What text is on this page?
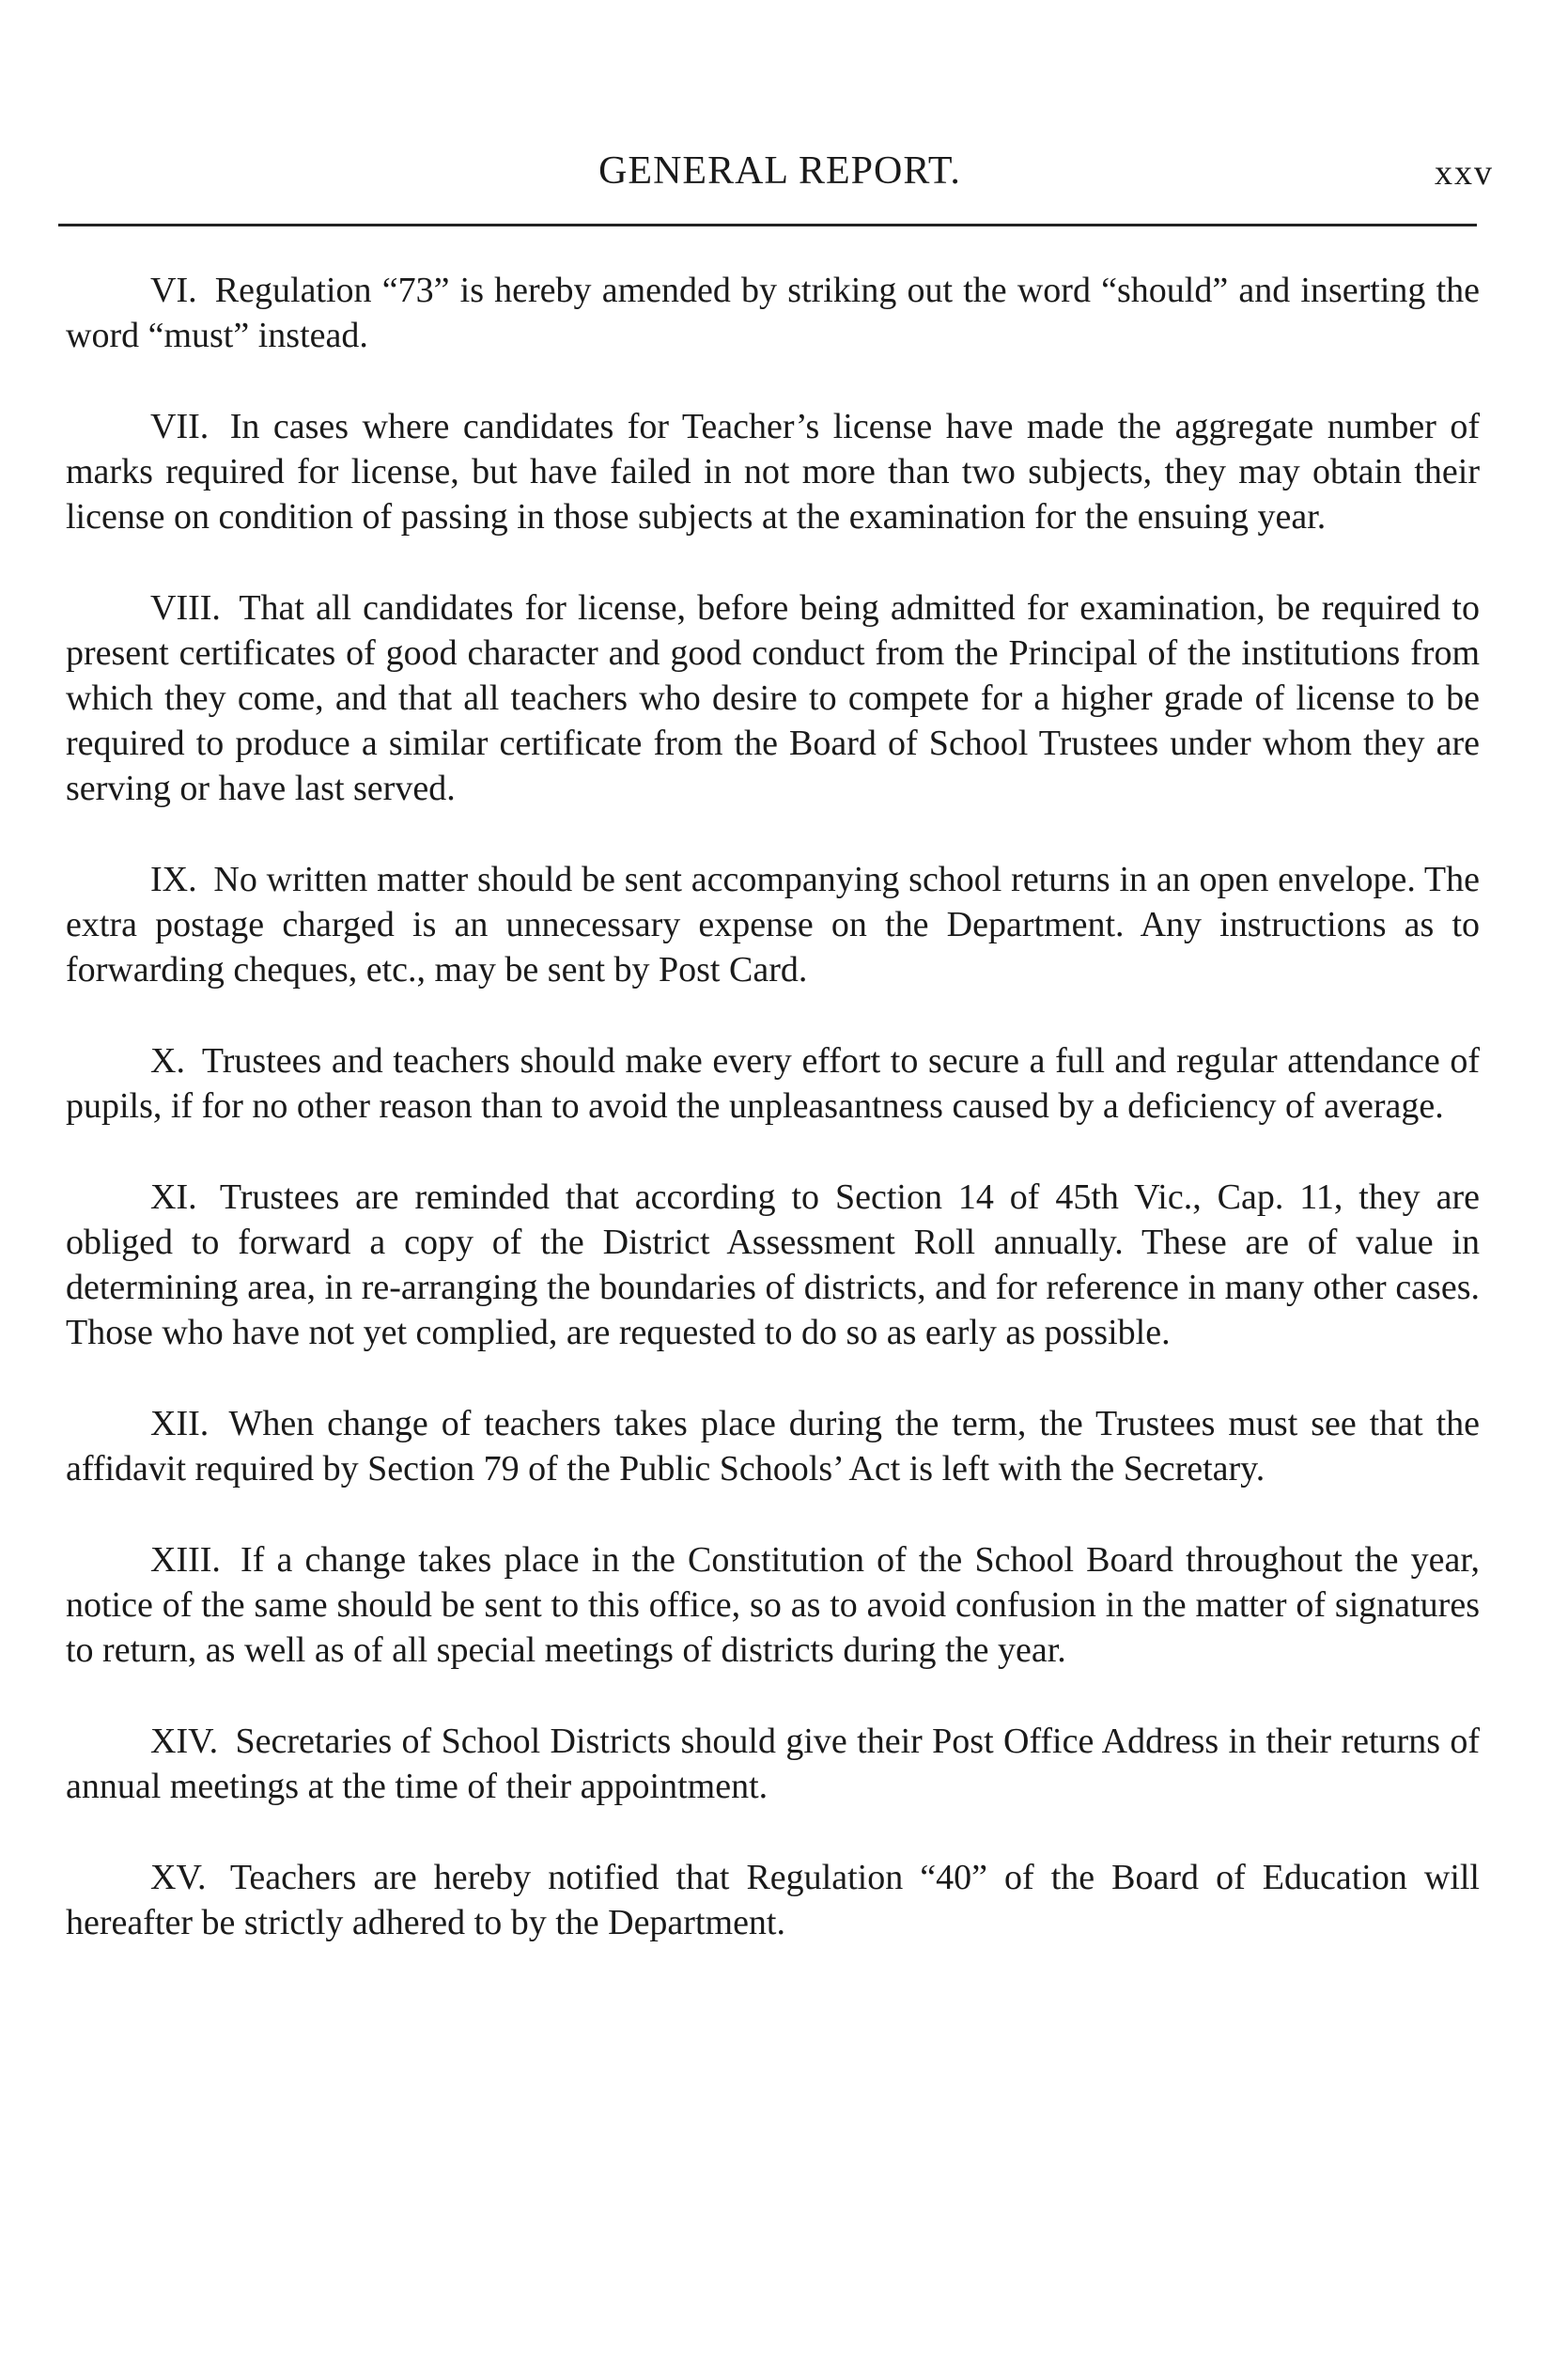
GENERAL REPORT.	xxv

VI. Regulation “73” is hereby amended by striking out the word “should” and inserting the word “must” instead.

VII. In cases where candidates for Teacher’s license have made the aggregate number of marks required for license, but have failed in not more than two subjects, they may obtain their license on condition of passing in those subjects at the examination for the ensuing year.

VIII. That all candidates for license, before being admitted for examination, be required to present certificates of good character and good conduct from the Principal of the institutions from which they come, and that all teachers who desire to compete for a higher grade of license to be required to produce a similar certificate from the Board of School Trustees under whom they are serving or have last served.

IX. No written matter should be sent accompanying school returns in an open envelope. The extra postage charged is an unnecessary expense on the Department. Any instructions as to forwarding cheques, etc., may be sent by Post Card.

X. Trustees and teachers should make every effort to secure a full and regular attendance of pupils, if for no other reason than to avoid the unpleasantness caused by a deficiency of average.

XI. Trustees are reminded that according to Section 14 of 45th Vic., Cap. 11, they are obliged to forward a copy of the District Assessment Roll annually. These are of value in determining area, in re-arranging the boundaries of districts, and for reference in many other cases. Those who have not yet complied, are requested to do so as early as possible.

XII. When change of teachers takes place during the term, the Trustees must see that the affidavit required by Section 79 of the Public Schools’ Act is left with the Secretary.

XIII. If a change takes place in the Constitution of the School Board throughout the year, notice of the same should be sent to this office, so as to avoid confusion in the matter of signatures to return, as well as of all special meetings of districts during the year.

XIV. Secretaries of School Districts should give their Post Office Address in their returns of annual meetings at the time of their appointment.

XV. Teachers are hereby notified that Regulation “40” of the Board of Education will hereafter be strictly adhered to by the Department.
